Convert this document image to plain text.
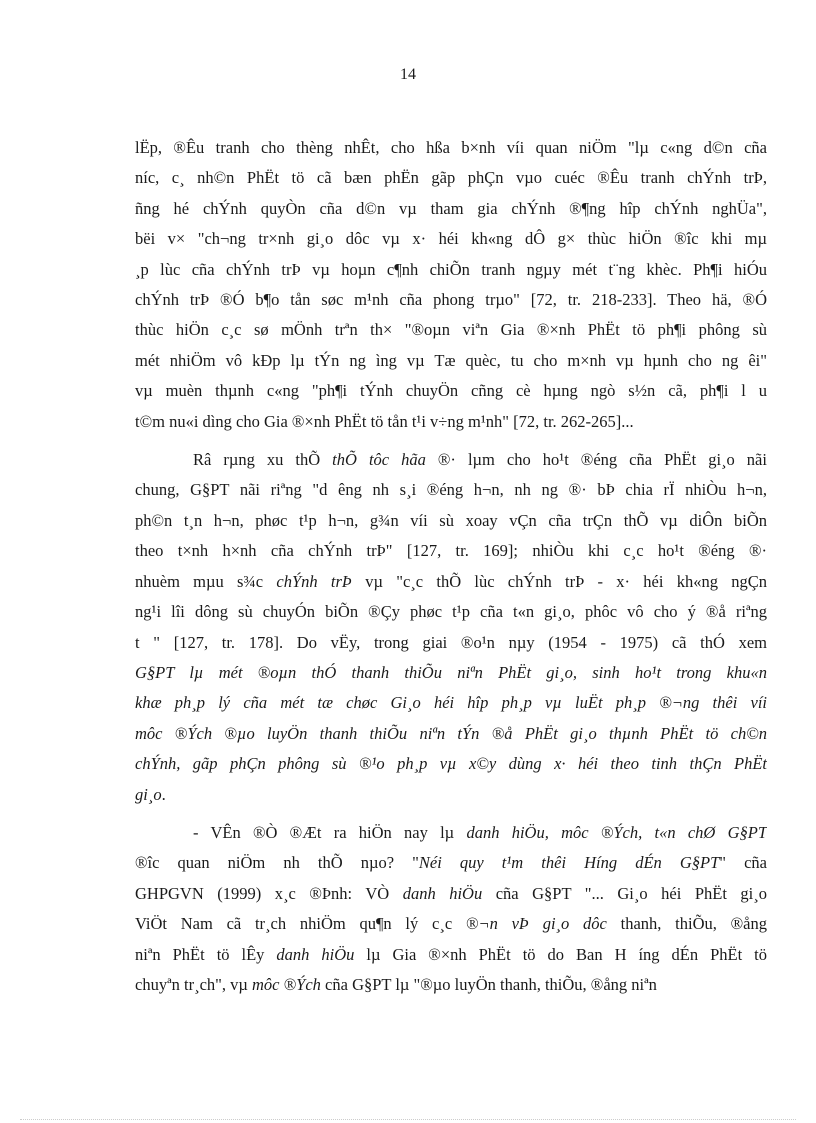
14

lËp, ®Êu tranh cho thèng nhÊt, cho hßa b×nh víi quan niÖm "lµ c«ng d©n cña
níc, c¸ nh©n PhËt tö cã bæn phËn gãp phÇn vµo cuéc ®Êu tranh chÝnh trÞ,
ñng hé chÝnh quyÒn cña d©n vµ tham gia chÝnh ®¶ng hîp chÝnh nghÜa",
bëi v× "ch¬ng tr×nh gi¸o dôc vµ x· héi kh«ng dÔ g× thùc hiÖn ®îc khi mµ
¸p lùc cña chÝnh trÞ vµ hoµn c¶nh chiÕn tranh ngµy mét t¨ng khèc. Ph¶i hiÓu
chÝnh trÞ ®Ó b¶o tån søc m¹nh cña phong trµo" [72, tr. 218-233]. Theo hä, ®Ó
thùc hiÖn c¸c sø mÖnh trªn th× "®oµn viªn Gia ®×nh PhËt tö ph¶i phông sù
mét nhiÖm vô kÐp lµ tÝn ng ìng vµ Tæ quèc, tu cho m×nh vµ hµnh cho ng êi"
vµ muèn thµnh c«ng "ph¶i tÝnh chuyÖn cñng cè hµng ngò s½n cã, ph¶i l u
t©m nu«i dìng cho Gia ®×nh PhËt tö tån t¹i v÷ng m¹nh" [72, tr. 262-265]...

Râ rµng xu thÕ thÕ tôc hãa ®· lµm cho ho¹t ®éng cña PhËt gi¸o nãi
chung, G§PT nãi riªng "d êng nh s¸i ®éng h¬n, nh ng ®· bÞ chia rÏ nhiÒu h¬n,
ph©n t¸n h¬n, phøc t¹p h¬n, g¾n víi sù xoay vÇn cña trÇn thÕ vµ diÔn biÕn
theo t×nh h×nh cña chÝnh trÞ" [127, tr. 169]; nhiÒu khi c¸c ho¹t ®éng ®·
nhuèm mµu s¾c chÝnh trÞ vµ "c¸c thÕ lùc chÝnh trÞ - x· héi kh«ng ngÇn
ng¹i lîi dông sù chuyÓn biÕn ®Çy phøc t¹p cña t«n gi¸o, phôc vô cho ý ®å riªng
t " [127, tr. 178]. Do vËy, trong giai ®o¹n nµy (1954 - 1975) cã thÓ xem
G§PT lµ mét ®oµn thÓ thanh thiÕu niªn PhËt gi¸o, sinh ho¹t trong khu«n
khæ ph¸p lý cña mét tæ chøc Gi¸o héi hîp ph¸p vµ luËt ph¸p ®¬ng thêi víi
môc ®Ých ®µo luyÖn thanh thiÕu niªn tÝn ®å PhËt gi¸o thµnh PhËt tö ch©n
chÝnh, gãp phÇn phông sù ®¹o ph¸p vµ x©y dùng x· héi theo tinh thÇn PhËt
gi¸o.

- VÊn ®Ò ®Æt ra hiÖn nay lµ danh hiÖu, môc ®Ých, t«n chØ G§PT
®îc quan niÖm nh thÕ nµo? "Néi quy t¹m thêi Híng dÉn G§PT" cña
GHPGVN (1999) x¸c ®Þnh: VÒ danh hiÖu cña G§PT "... Gi¸o héi PhËt gi¸o
ViÖt Nam cã tr¸ch nhiÖm qu¶n lý c¸c ®¬n vÞ gi¸o dôc thanh, thiÕu, ®ång
niªn PhËt tö lÊy danh hiÖu lµ Gia ®×nh PhËt tö do Ban H íng dÉn PhËt tö
chuyªn tr¸ch", vµ môc ®Ých cña G§PT lµ "®µo luyÖn thanh, thiÕu, ®ång niªn
